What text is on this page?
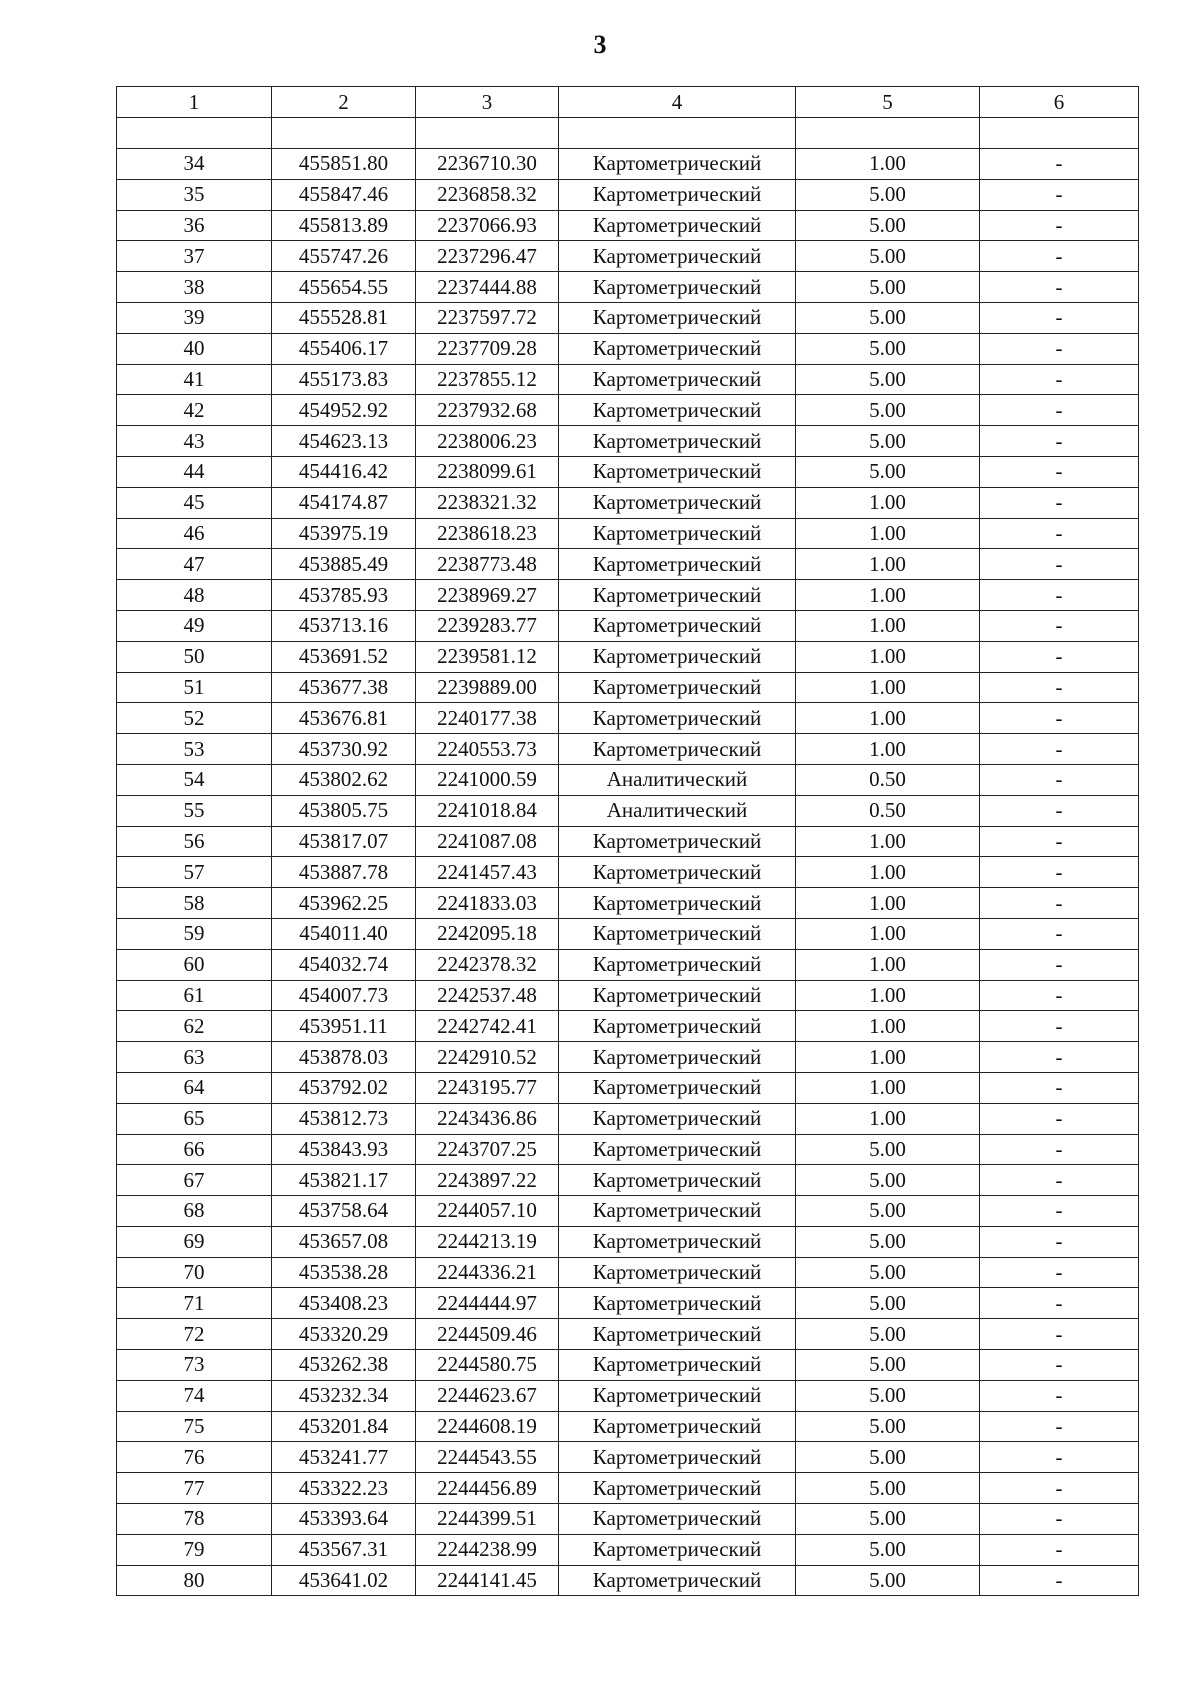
3
1	2	3	4	5	6

34	455851.80	2236710.30	Картометрический	1.00	-
35	455847.46	2236858.32	Картометрический	5.00	-
36	455813.89	2237066.93	Картометрический	5.00	-
37	455747.26	2237296.47	Картометрический	5.00	-
38	455654.55	2237444.88	Картометрический	5.00	-
39	455528.81	2237597.72	Картометрический	5.00	-
40	455406.17	2237709.28	Картометрический	5.00	-
41	455173.83	2237855.12	Картометрический	5.00	-
42	454952.92	2237932.68	Картометрический	5.00	-
43	454623.13	2238006.23	Картометрический	5.00	-
44	454416.42	2238099.61	Картометрический	5.00	-
45	454174.87	2238321.32	Картометрический	1.00	-
46	453975.19	2238618.23	Картометрический	1.00	-
47	453885.49	2238773.48	Картометрический	1.00	-
48	453785.93	2238969.27	Картометрический	1.00	-
49	453713.16	2239283.77	Картометрический	1.00	-
50	453691.52	2239581.12	Картометрический	1.00	-
51	453677.38	2239889.00	Картометрический	1.00	-
52	453676.81	2240177.38	Картометрический	1.00	-
53	453730.92	2240553.73	Картометрический	1.00	-
54	453802.62	2241000.59	Аналитический	0.50	-
55	453805.75	2241018.84	Аналитический	0.50	-
56	453817.07	2241087.08	Картометрический	1.00	-
57	453887.78	2241457.43	Картометрический	1.00	-
58	453962.25	2241833.03	Картометрический	1.00	-
59	454011.40	2242095.18	Картометрический	1.00	-
60	454032.74	2242378.32	Картометрический	1.00	-
61	454007.73	2242537.48	Картометрический	1.00	-
62	453951.11	2242742.41	Картометрический	1.00	-
63	453878.03	2242910.52	Картометрический	1.00	-
64	453792.02	2243195.77	Картометрический	1.00	-
65	453812.73	2243436.86	Картометрический	1.00	-
66	453843.93	2243707.25	Картометрический	5.00	-
67	453821.17	2243897.22	Картометрический	5.00	-
68	453758.64	2244057.10	Картометрический	5.00	-
69	453657.08	2244213.19	Картометрический	5.00	-
70	453538.28	2244336.21	Картометрический	5.00	-
71	453408.23	2244444.97	Картометрический	5.00	-
72	453320.29	2244509.46	Картометрический	5.00	-
73	453262.38	2244580.75	Картометрический	5.00	-
74	453232.34	2244623.67	Картометрический	5.00	-
75	453201.84	2244608.19	Картометрический	5.00	-
76	453241.77	2244543.55	Картометрический	5.00	-
77	453322.23	2244456.89	Картометрический	5.00	-
78	453393.64	2244399.51	Картометрический	5.00	-
79	453567.31	2244238.99	Картометрический	5.00	-
80	453641.02	2244141.45	Картометрический	5.00	-
